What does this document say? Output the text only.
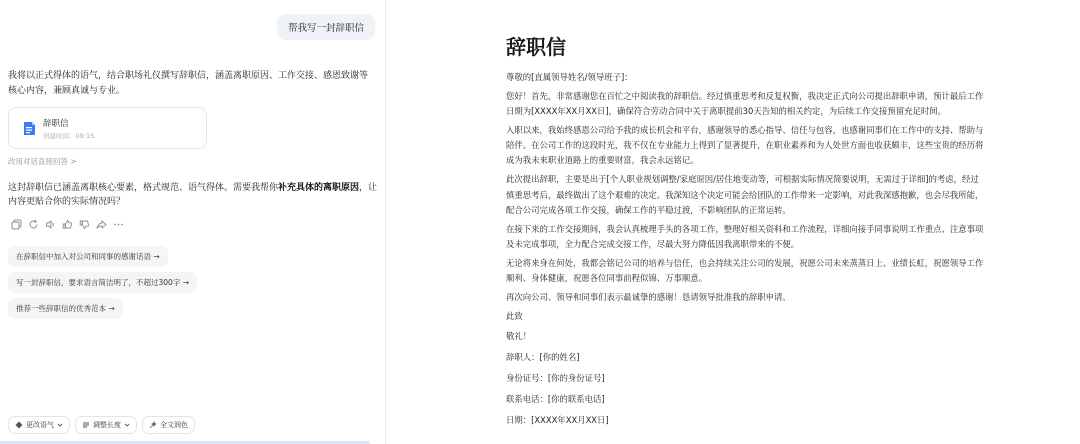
帮我写一封辞职信
我将以正式得体的语气，结合职场礼仪撰写辞职信，涵盖离职原因、工作交接、感恩致谢等核心内容，兼顾真诚与专业。
辞职信
创建时间：09:15
改用对话直接回答 >
这封辞职信已涵盖离职核心要素，格式规范、语气得体。需要我帮你补充具体的离职原因，让内容更贴合你的实际情况吗？
在辞职信中加入对公司和同事的感谢话语 →
写一封辞职信，要求语言简洁明了，不超过300字 →
推荐一些辞职信的优秀范本 →
更改语气	调整长度	全文润色
辞职信

尊敬的[直属领导姓名/领导班子]：

您好！首先，非常感谢您在百忙之中阅读我的辞职信。经过慎重思考和反复权衡，我决定正式向公司提出辞职申请，预计最后工作日期为[XXXX年XX月XX日]，确保符合劳动合同中关于离职提前30天告知的相关约定，为后续工作交接预留充足时间。

入职以来，我始终感恩公司给予我的成长机会和平台，感谢领导的悉心指导、信任与包容，也感谢同事们在工作中的支持、帮助与陪伴。在公司工作的这段时光，我不仅在专业能力上得到了显著提升，在职业素养和为人处世方面也收获颇丰，这些宝贵的经历将成为我未来职业道路上的重要财富，我会永远铭记。

此次提出辞职，主要是出于[个人职业规划调整/家庭原因/居住地变动等，可根据实际情况简要说明，无需过于详细]的考虑，经过慎重思考后，最终做出了这个艰难的决定。我深知这个决定可能会给团队的工作带来一定影响，对此我深感抱歉，也会尽我所能，配合公司完成各项工作交接，确保工作的平稳过渡，不影响团队的正常运转。

在接下来的工作交接期间，我会认真梳理手头的各项工作，整理好相关资料和工作流程，详细向接手同事说明工作重点、注意事项及未完成事项，全力配合完成交接工作，尽最大努力降低因我离职带来的不便。

无论将来身在何处，我都会铭记公司的培养与信任，也会持续关注公司的发展，祝愿公司未来蒸蒸日上、业绩长虹，祝愿领导工作顺利、身体健康，祝愿各位同事前程似锦、万事顺意。

再次向公司、领导和同事们表示最诚挚的感谢！恳请领导批准我的辞职申请。

此致

敬礼！

辞职人：[你的姓名]

身份证号：[你的身份证号]

联系电话：[你的联系电话]

日期：[XXXX年XX月XX日]
